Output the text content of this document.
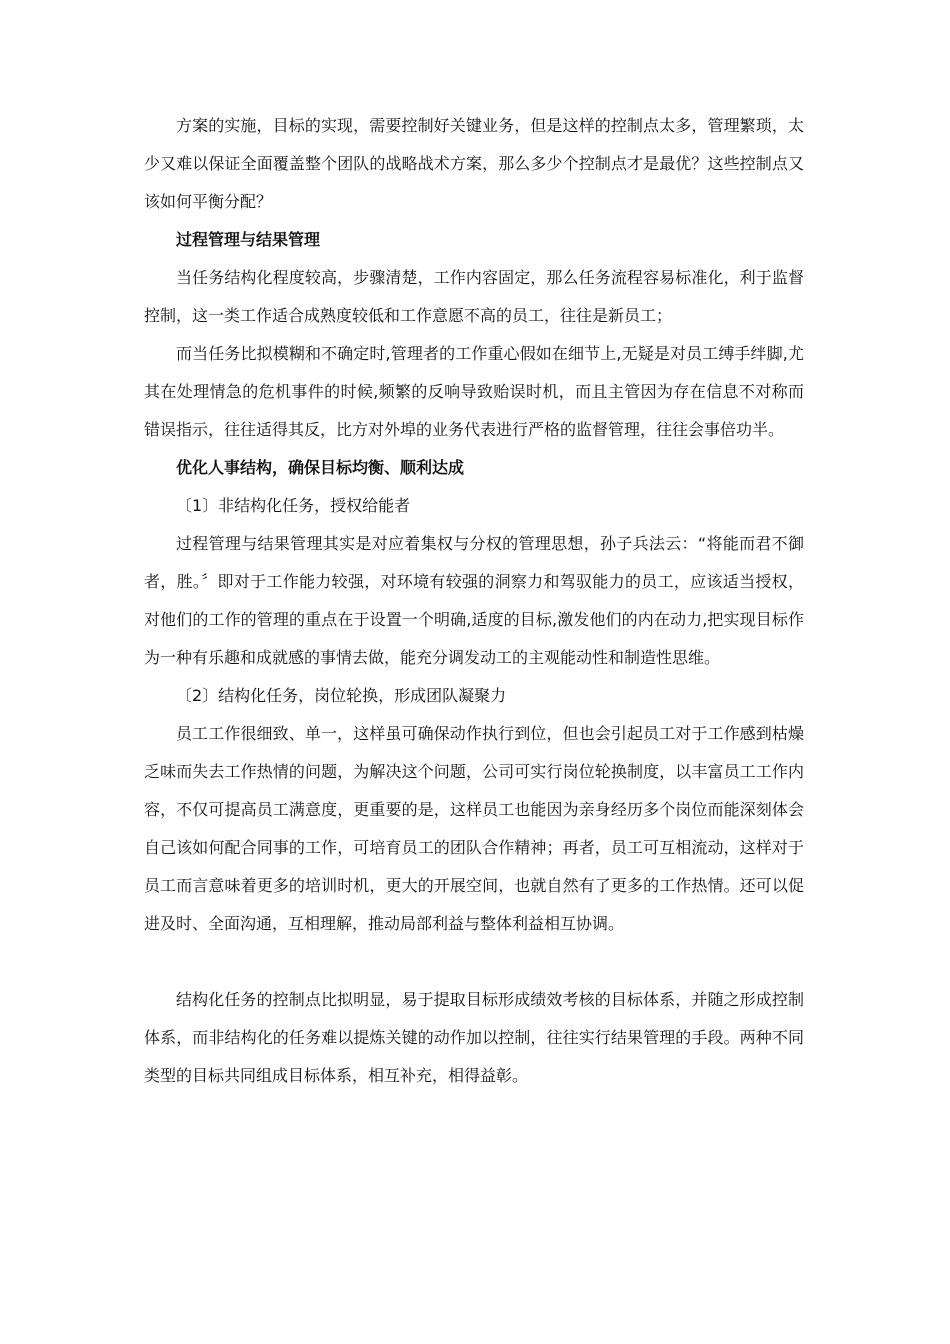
方案的实施，目标的实现，需要控制好关键业务，但是这样的控制点太多，管理繁琐，太少又难以保证全面覆盖整个团队的战略战术方案，那么多少个控制点才是最优？这些控制点又该如何平衡分配？

过程管理与结果管理

当任务结构化程度较高，步骤清楚，工作内容固定，那么任务流程容易标准化，利于监督控制，这一类工作适合成熟度较低和工作意愿不高的员工，往往是新员工；

而当任务比拟模糊和不确定时,管理者的工作重心假如在细节上,无疑是对员工缚手绊脚,尤其在处理情急的危机事件的时候,频繁的反响导致贻误时机，而且主管因为存在信息不对称而错误指示，往往适得其反，比方对外埠的业务代表进行严格的监督管理，往往会事倍功半。

优化人事结构，确保目标均衡、顺利达成

〔1〕非结构化任务，授权给能者

过程管理与结果管理其实是对应着集权与分权的管理思想，孙子兵法云：“将能而君不御者，胜。〞即对于工作能力较强，对环境有较强的洞察力和驾驭能力的员工，应该适当授权，对他们的工作的管理的重点在于设置一个明确,适度的目标,激发他们的内在动力,把实现目标作为一种有乐趣和成就感的事情去做，能充分调发动工的主观能动性和制造性思维。

〔2〕结构化任务，岗位轮换，形成团队凝聚力

员工工作很细致、单一，这样虽可确保动作执行到位，但也会引起员工对于工作感到枯燥乏味而失去工作热情的问题，为解决这个问题，公司可实行岗位轮换制度，以丰富员工工作内容，不仅可提高员工满意度，更重要的是，这样员工也能因为亲身经历多个岗位而能深刻体会自己该如何配合同事的工作，可培育员工的团队合作精神；再者，员工可互相流动，这样对于员工而言意味着更多的培训时机，更大的开展空间，也就自然有了更多的工作热情。还可以促进及时、全面沟通，互相理解，推动局部利益与整体利益相互协调。

结构化任务的控制点比拟明显，易于提取目标形成绩效考核的目标体系，并随之形成控制体系，而非结构化的任务难以提炼关键的动作加以控制，往往实行结果管理的手段。两种不同类型的目标共同组成目标体系，相互补充，相得益彰。
